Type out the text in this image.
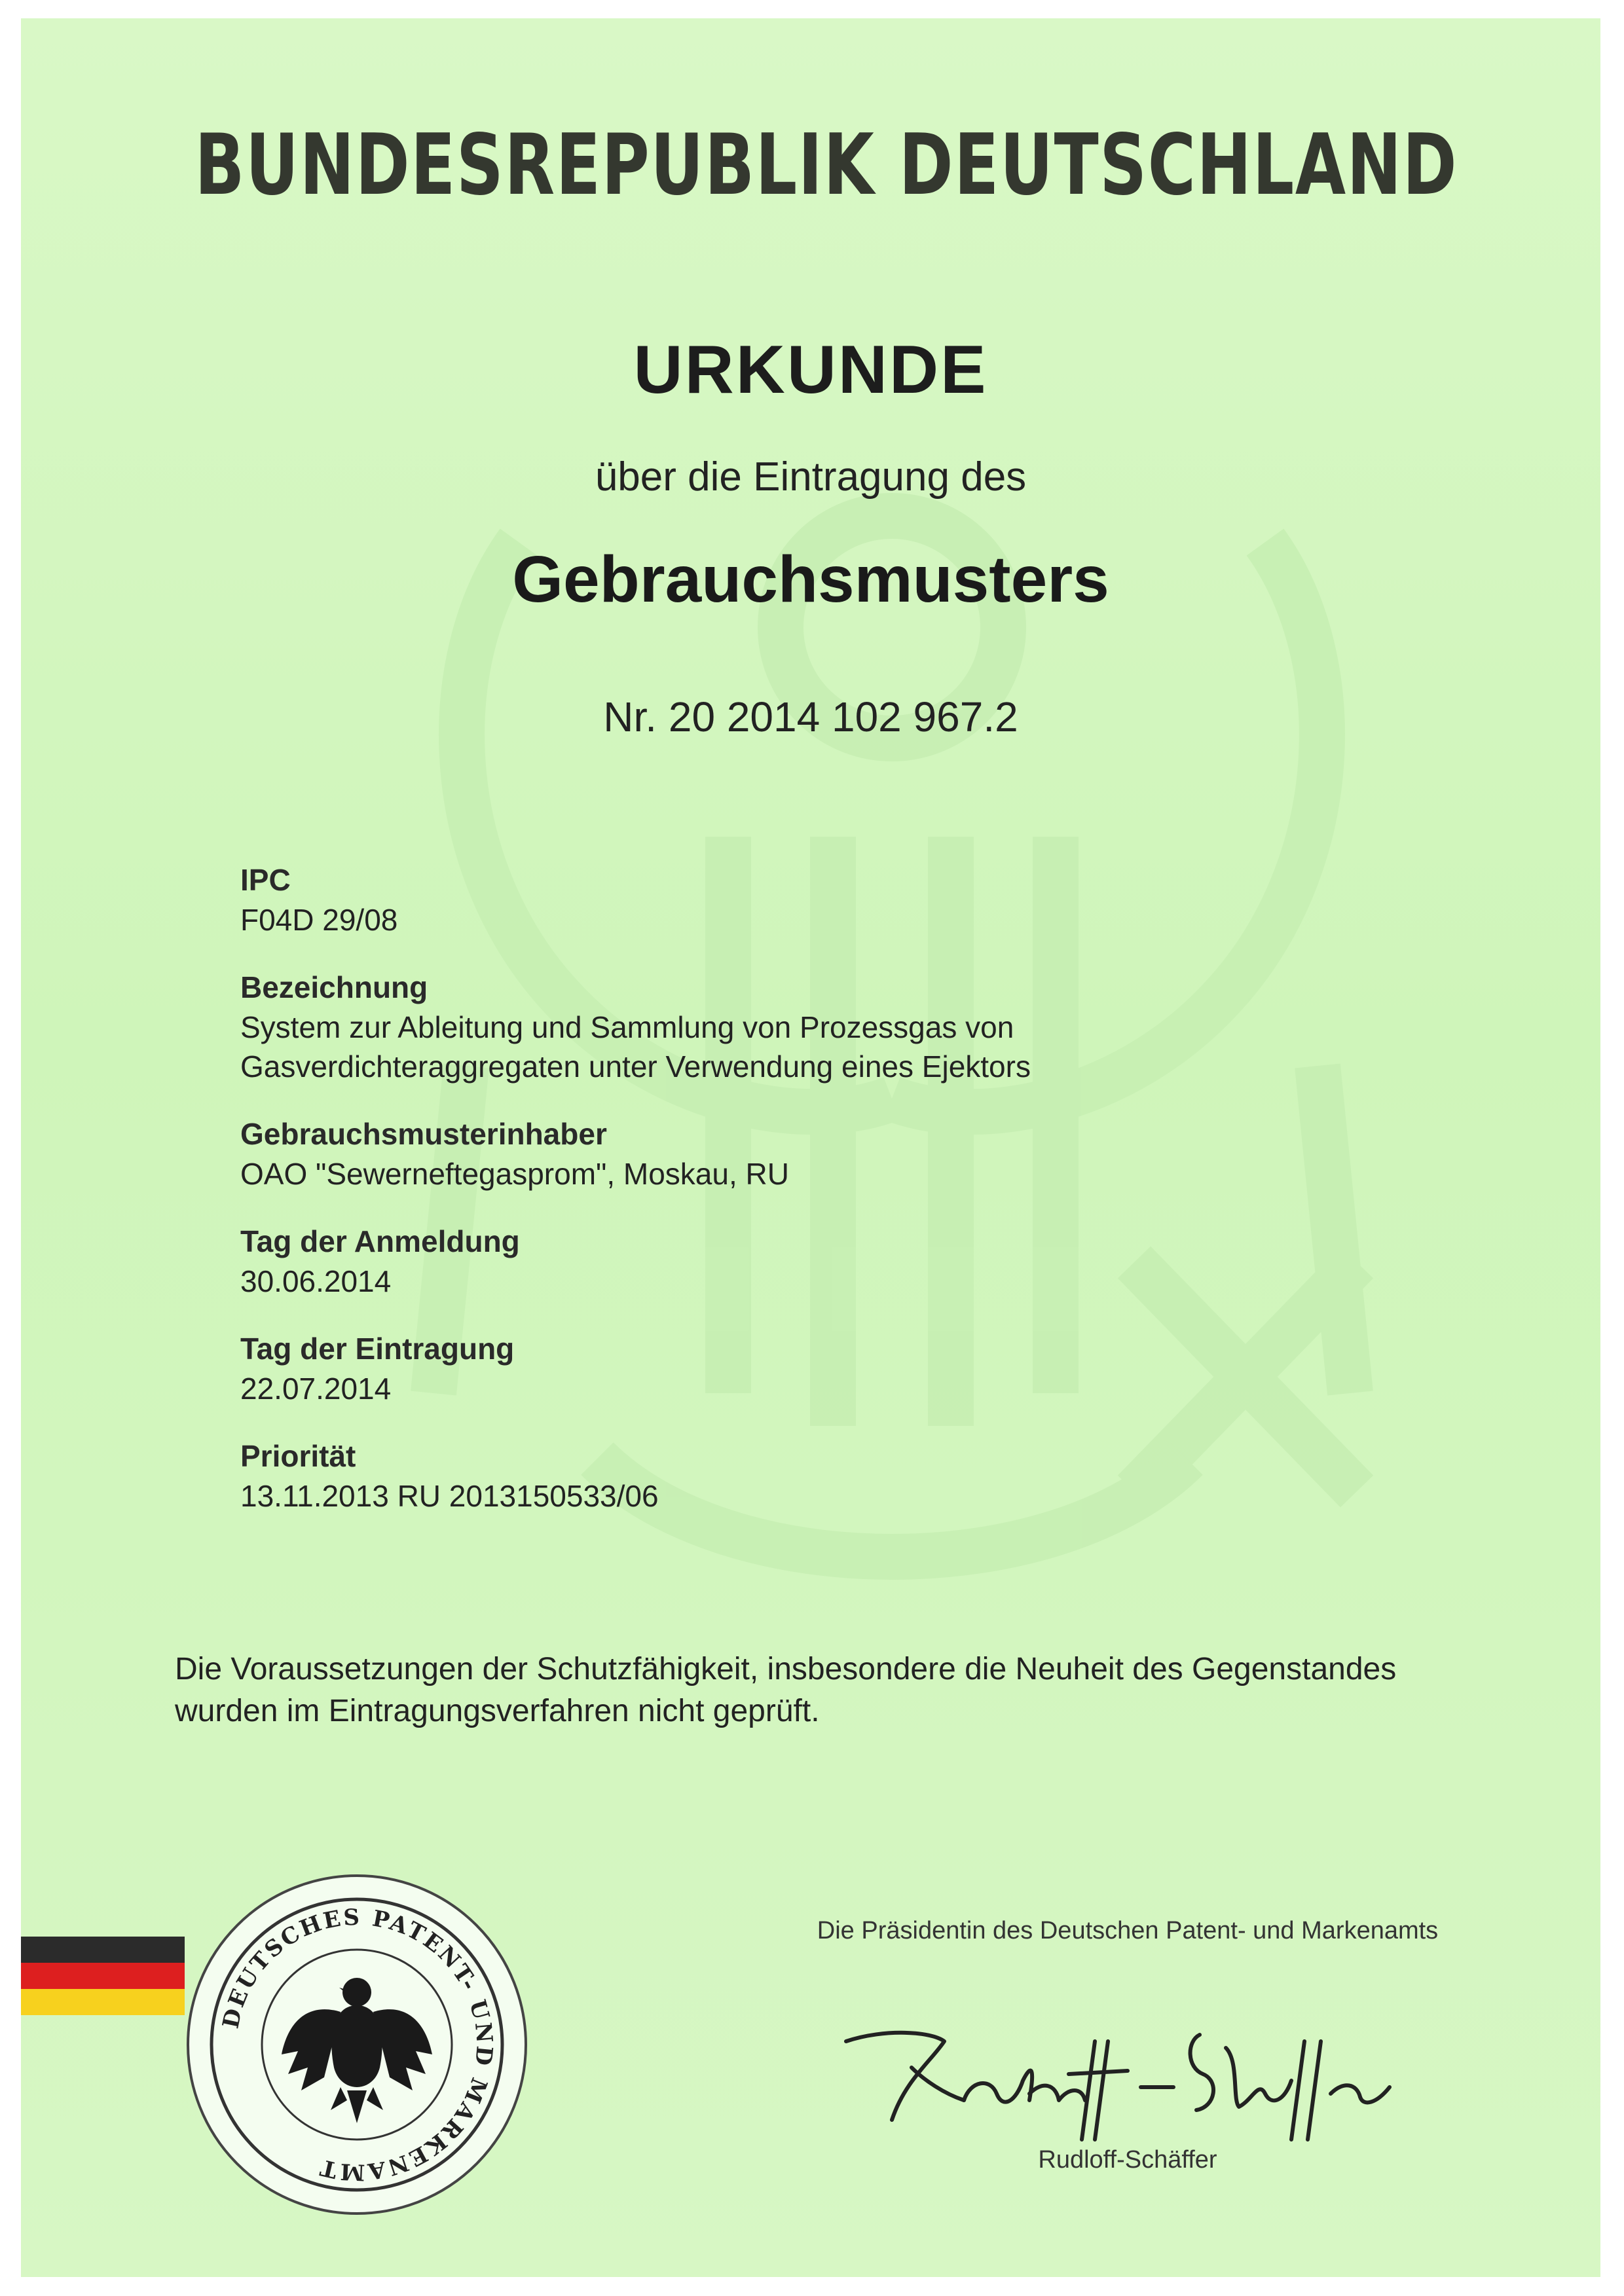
BUNDESREPUBLIK DEUTSCHLAND
URKUNDE
über die Eintragung des
Gebrauchsmusters
Nr. 20 2014 102 967.2

IPC

F04D 29/08

Bezeichnung

System zur Ableitung und Sammlung von Prozessgas von
Gasverdichteraggregaten unter Verwendung eines Ejektors

Gebrauchsmusterinhaber

OAO "Sewerneftegasprom", Moskau, RU

Tag der Anmeldung

30.06.2014

Tag der Eintragung

22.07.2014

Priorität

13.11.2013 RU 2013150533/06

Die Voraussetzungen der Schutzfähigkeit, insbesondere die Neuheit des Gegenstandes
wurden im Eintragungsverfahren nicht geprüft.
DEUTSCHES PATENT- UND MARKENAMT
Die Präsidentin des Deutschen Patent- und Markenamts
Rudloff-Schäffer
